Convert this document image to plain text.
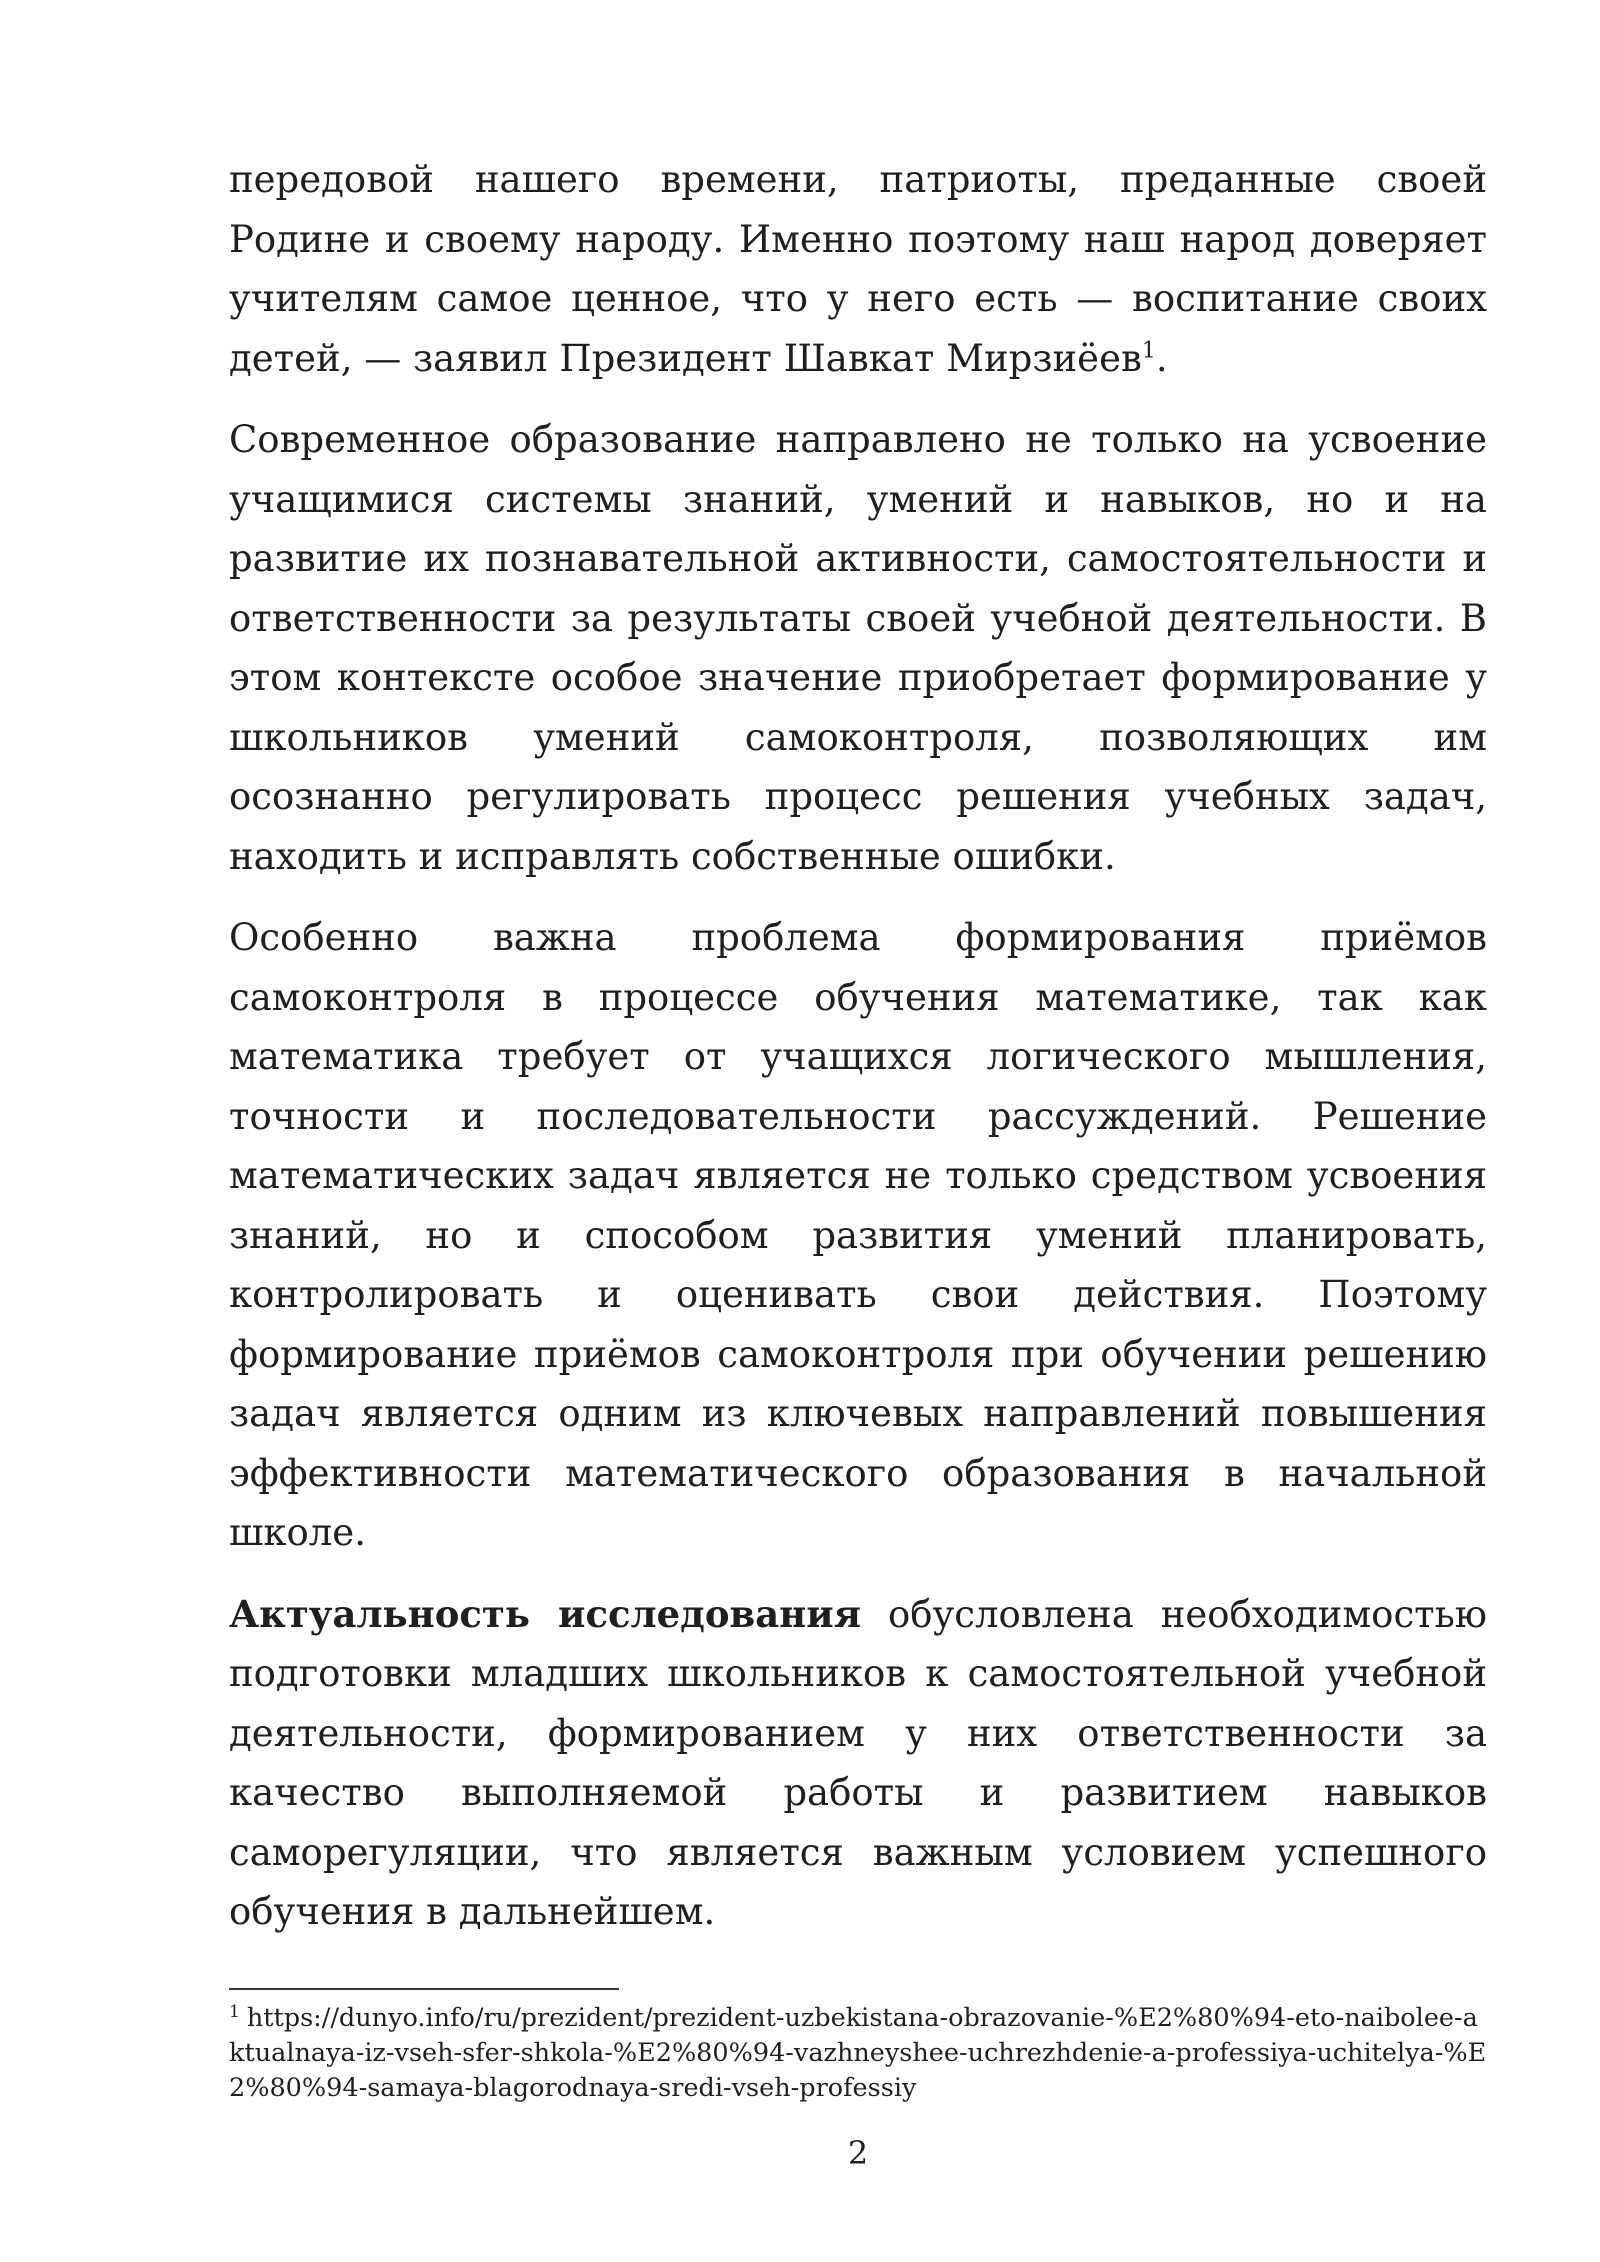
передовой нашего времени, патриоты, преданные своей Родине и своему народу. Именно поэтому наш народ доверяет учителям самое ценное, что у него есть — воспитание своих детей, — заявил Президент Шавкат Мирзиёев$^1$.

Современное образование направлено не только на усвоение учащимися системы знаний, умений и навыков, но и на развитие их познавательной активности, самостоятельности и ответственности за результаты своей учебной деятельности. В этом контексте особое значение приобретает формирование у школьников умений самоконтроля, позволяющих им осознанно регулировать процесс решения учебных задач, находить и исправлять собственные ошибки.

Особенно важна проблема формирования приёмов самоконтроля в процессе обучения математике, так как математика требует от учащихся логического мышления, точности и последовательности рассуждений. Решение математических задач является не только средством усвоения знаний, но и способом развития умений планировать, контролировать и оценивать свои действия. Поэтому формирование приёмов самоконтроля при обучении решению задач является одним из ключевых направлений повышения эффективности математического образования в начальной школе.

Актуальность исследования обусловлена необходимостью подготовки младших школьников к самостоятельной учебной деятельности, формированием у них ответственности за качество выполняемой работы и развитием навыков саморегуляции, что является важным условием успешного обучения в дальнейшем.

$^1$ https://dunyo.info/ru/prezident/prezident-uzbekistana-obrazovanie-%E2%80%94-eto-naibolee-aktualnaya-iz-vseh-sfer-shkola-%E2%80%94-vazhneyshee-uchrezhdenie-a-professiya-uchitelya-%E2%80%94-samaya-blagorodnaya-sredi-vseh-professiy
2
